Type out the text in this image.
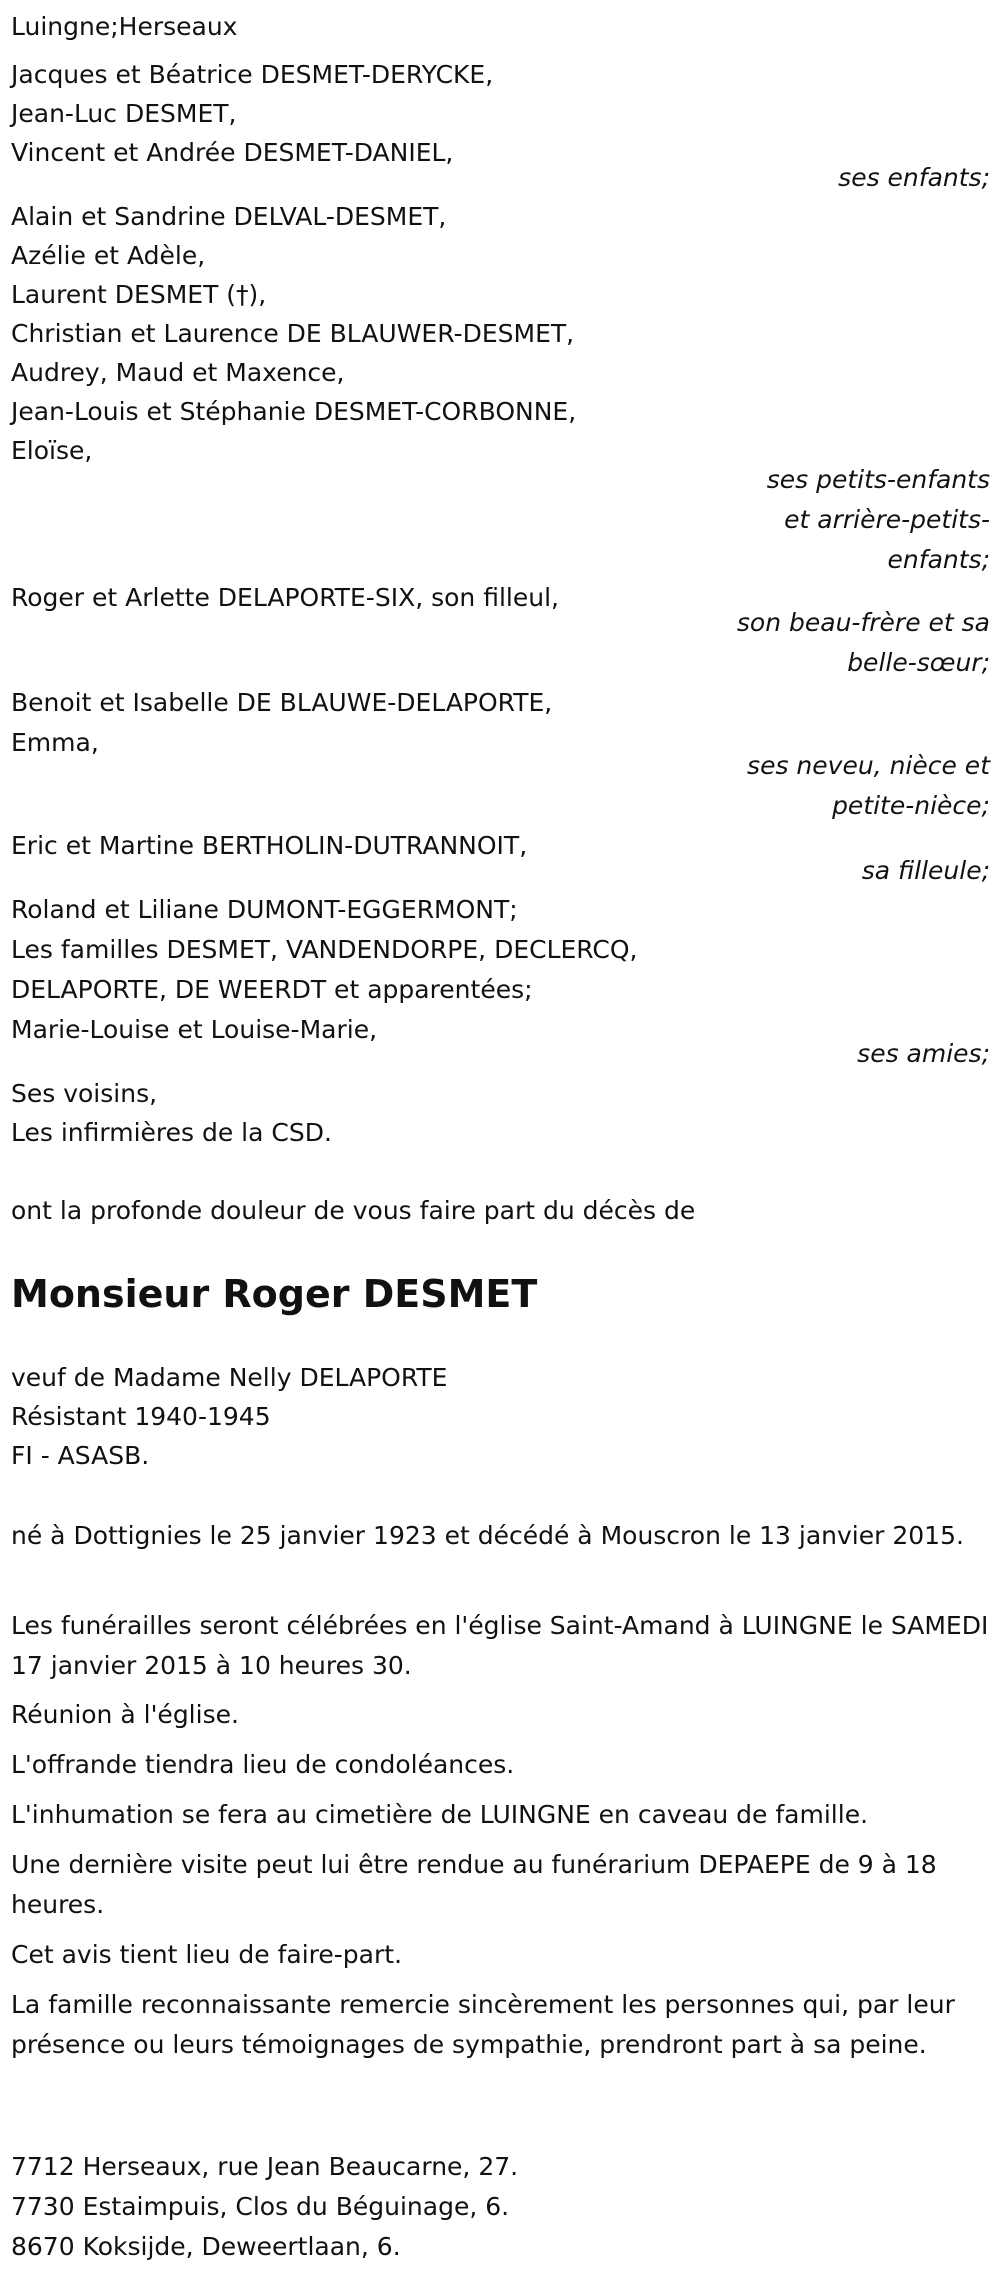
Luingne;Herseaux
Jacques et Béatrice DESMET-DERYCKE,
Jean-Luc DESMET,
Vincent et Andrée DESMET-DANIEL,
ses enfants;
Alain et Sandrine DELVAL-DESMET,
Azélie et Adèle,
Laurent DESMET (†),
Christian et Laurence DE BLAUWER-DESMET,
Audrey, Maud et Maxence,
Jean-Louis et Stéphanie DESMET-CORBONNE,
Eloïse,
ses petits-enfants
et arrière-petits-
enfants;
Roger et Arlette DELAPORTE-SIX, son filleul,
son beau-frère et sa
belle-sœur;
Benoit et Isabelle DE BLAUWE-DELAPORTE,
Emma,
ses neveu, nièce et
petite-nièce;
Eric et Martine BERTHOLIN-DUTRANNOIT,
sa filleule;
Roland et Liliane DUMONT-EGGERMONT;
Les familles DESMET, VANDENDORPE, DECLERCQ,
DELAPORTE, DE WEERDT et apparentées;
Marie-Louise et Louise-Marie,
ses amies;
Ses voisins,
Les infirmières de la CSD.
ont la profonde douleur de vous faire part du décès de
Monsieur Roger DESMET
veuf de Madame Nelly DELAPORTE
Résistant 1940-1945
FI - ASASB.
né à Dottignies le 25 janvier 1923 et décédé à Mouscron le 13 janvier 2015.
Les funérailles seront célébrées en l'église Saint-Amand à LUINGNE le SAMEDI 17 janvier 2015 à 10 heures 30.
Réunion à l'église.
L'offrande tiendra lieu de condoléances.
L'inhumation se fera au cimetière de LUINGNE en caveau de famille.
Une dernière visite peut lui être rendue au funérarium DEPAEPE de 9 à 18 heures.
Cet avis tient lieu de faire-part.
La famille reconnaissante remercie sincèrement les personnes qui, par leur présence ou leurs témoignages de sympathie, prendront part à sa peine.
7712 Herseaux, rue Jean Beaucarne, 27.
7730 Estaimpuis, Clos du Béguinage, 6.
8670 Koksijde, Deweertlaan, 6.
